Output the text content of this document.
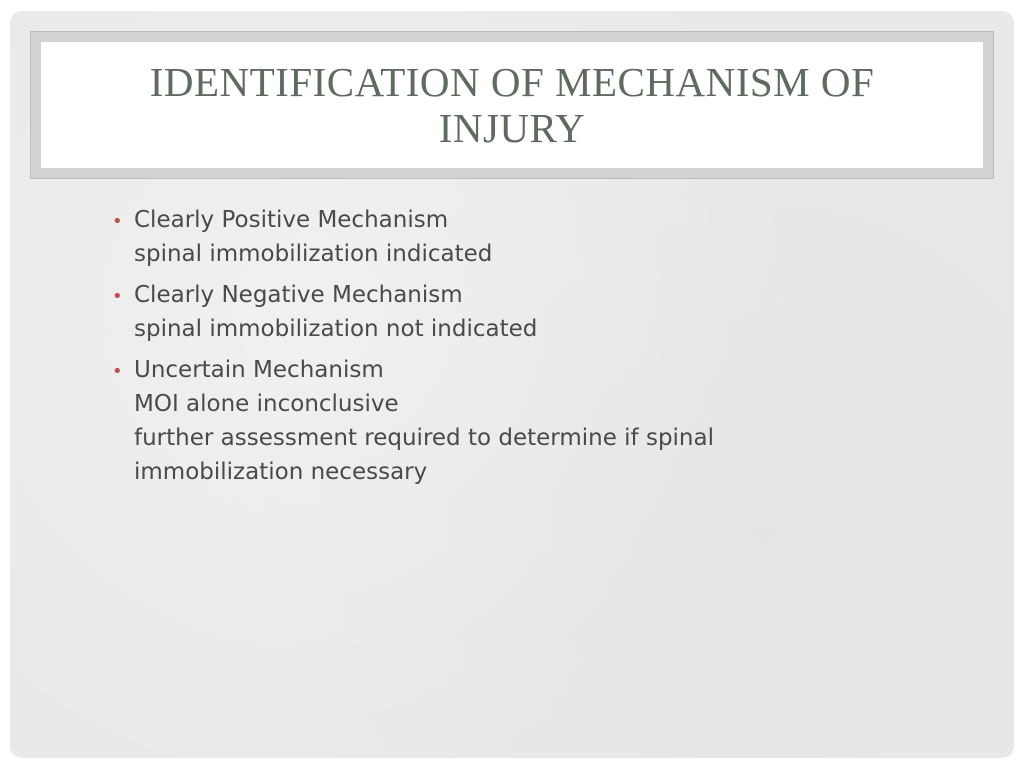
IDENTIFICATION OF MECHANISM OF INJURY
• Clearly Positive Mechanism
spinal immobilization indicated
• Clearly Negative Mechanism
spinal immobilization not indicated
• Uncertain Mechanism
MOI alone inconclusive
further assessment required to determine if spinal
immobilization necessary
